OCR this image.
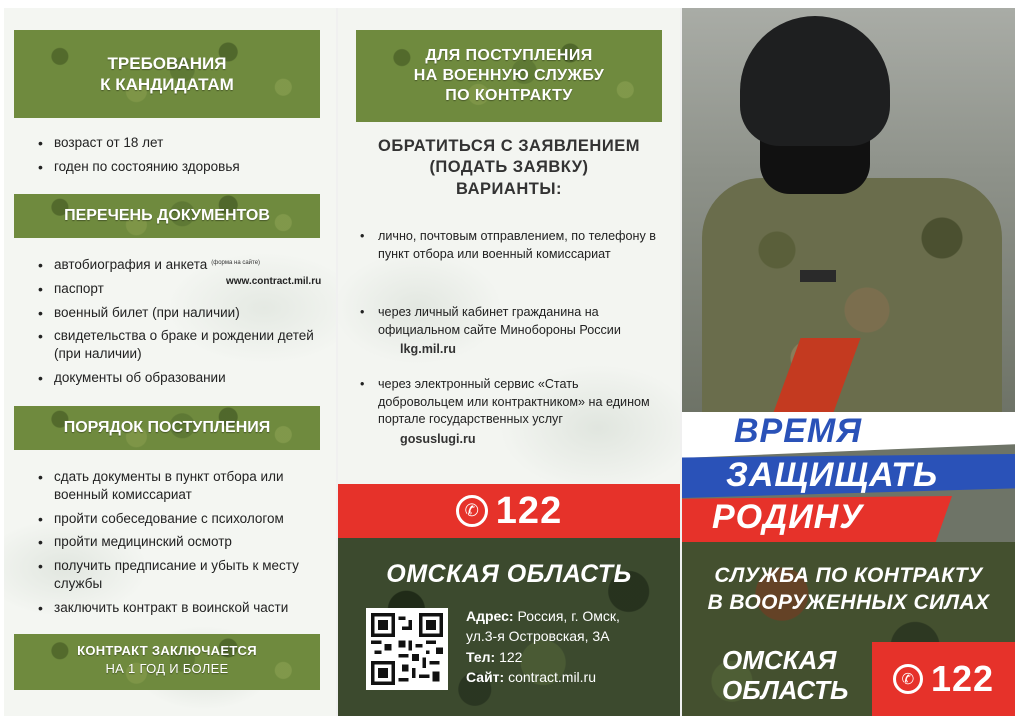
ТРЕБОВАНИЯ
К КАНДИДАТАМ
• возраст от 18 лет
• годен по состоянию здоровья
ПЕРЕЧЕНЬ ДОКУМЕНТОВ
• автобиография и анкета $^{(форма на сайте)}$
• паспорт
• военный билет (при наличии)
• свидетельства о браке и рождении детей (при наличии)
• документы об образовании
www.contract.mil.ru
ПОРЯДОК ПОСТУПЛЕНИЯ
• сдать документы в пункт отбора или военный комиссариат
• пройти собеседование с психологом
• пройти медицинский осмотр
• получить предписание и убыть к месту службы
• заключить контракт в воинской части
КОНТРАКТ ЗАКЛЮЧАЕТСЯ
НА 1 ГОД И БОЛЕЕ
ДЛЯ ПОСТУПЛЕНИЯ
НА ВОЕННУЮ СЛУЖБУ
ПО КОНТРАКТУ
ОБРАТИТЬСЯ С ЗАЯВЛЕНИЕМ
(ПОДАТЬ ЗАЯВКУ)
ВАРИАНТЫ:
•	лично, почтовым отправлением, по телефону в пункт отбора или военный комиссариат
•	через личный кабинет гражданина на официальном сайте Минобороны России
lkg.mil.ru
•	через электронный сервис «Стать добровольцем или контрактником» на едином портале государственных услуг
gosuslugi.ru
✆ 122
ОМСКАЯ ОБЛАСТЬ
Адрес: Россия, г. Омск,
ул.3-я Островская, 3А
Тел: 122
Сайт: contract.mil.ru
ВРЕМЯ
ЗАЩИЩАТЬ
РОДИНУ
СЛУЖБА ПО КОНТРАКТУ
В ВООРУЖЕННЫХ СИЛАХ
ОМСКАЯ
ОБЛАСТЬ	✆ 122
